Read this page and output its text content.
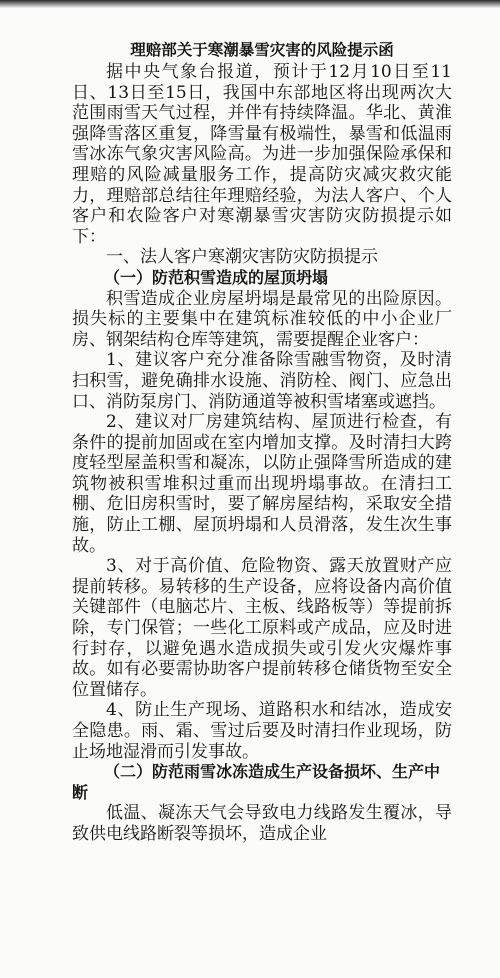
理赔部关于寒潮暴雪灾害的风险提示函

据中央气象台报道，预计于12月10日至11日、13日至15日，我国中东部地区将出现两次大范围雨雪天气过程，并伴有持续降温。华北、黄淮强降雪落区重复，降雪量有极端性，暴雪和低温雨雪冰冻气象灾害风险高。为进一步加强保险承保和理赔的风险减量服务工作，提高防灾减灾救灾能力，理赔部总结往年理赔经验，为法人客户、个人客户和农险客户对寒潮暴雪灾害防灾防损提示如下：

一、法人客户寒潮灾害防灾防损提示

（一）防范积雪造成的屋顶坍塌

积雪造成企业房屋坍塌是最常见的出险原因。损失标的主要集中在建筑标准较低的中小企业厂房、钢架结构仓库等建筑，需要提醒企业客户：

1、建议客户充分准备除雪融雪物资，及时清扫积雪，避免确排水设施、消防栓、阀门、应急出口、消防泵房门、消防通道等被积雪堵塞或遮挡。

2、建议对厂房建筑结构、屋顶进行检查，有条件的提前加固或在室内增加支撑。及时清扫大跨度轻型屋盖积雪和凝冻，以防止强降雪所造成的建筑物被积雪堆积过重而出现坍塌事故。在清扫工棚、危旧房积雪时，要了解房屋结构，采取安全措施，防止工棚、屋顶坍塌和人员滑落，发生次生事故。

3、对于高价值、危险物资、露天放置财产应提前转移。易转移的生产设备，应将设备内高价值关键部件（电脑芯片、主板、线路板等）等提前拆除，专门保管；一些化工原料或产成品，应及时进行封存，以避免遇水造成损失或引发火灾爆炸事故。如有必要需协助客户提前转移仓储货物至安全位置储存。

4、防止生产现场、道路积水和结冰，造成安全隐患。雨、霜、雪过后要及时清扫作业现场，防止场地湿滑而引发事故。

（二）防范雨雪冰冻造成生产设备损坏、生产中断

低温、凝冻天气会导致电力线路发生覆冰，导致供电线路断裂等损坏，造成企业
